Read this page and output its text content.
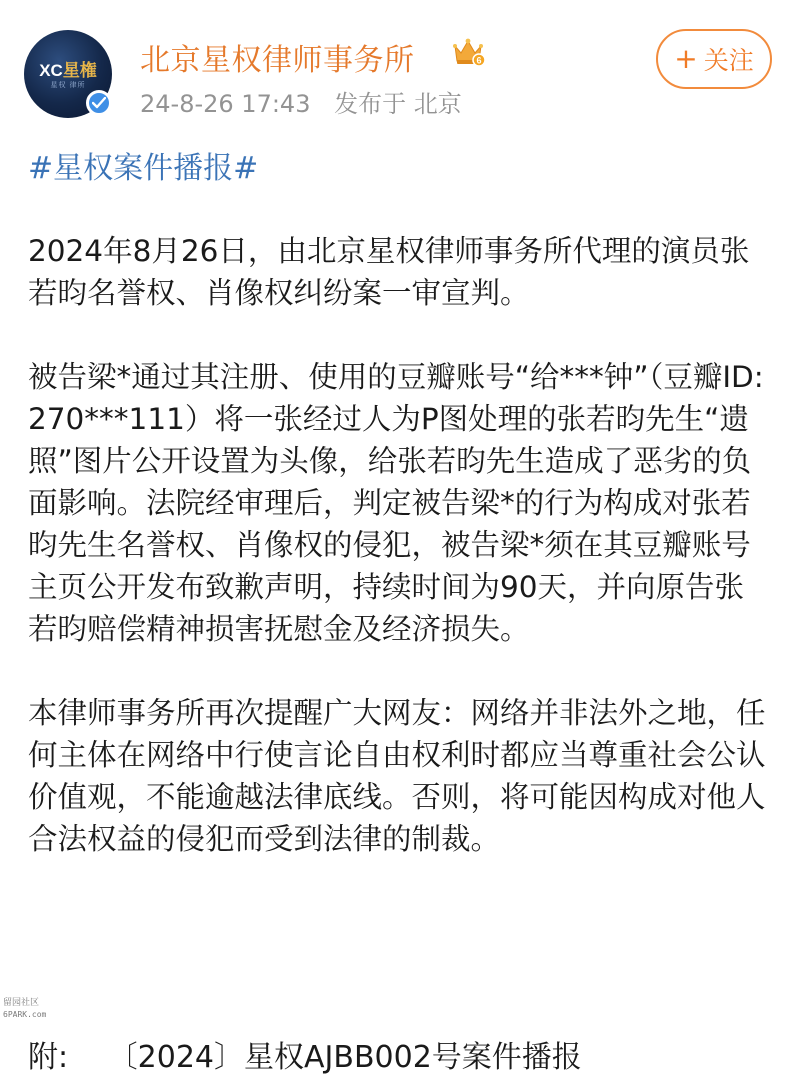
XC星権
星权 律所
北京星权律师事务所	6
24-8-26 17:43 发布于 北京
+ 关注
#星权案件播报#

2024年8月26日，由北京星权律师事务所代理的演员张若昀名誉权、肖像权纠纷案一审宣判。

被告梁*通过其注册、使用的豆瓣账号“给***钟”（豆瓣ID: 270***111）将一张经过人为P图处理的张若昀先生“遗照”图片公开设置为头像，给张若昀先生造成了恶劣的负面影响。法院经审理后，判定被告梁*的行为构成对张若昀先生名誉权、肖像权的侵犯，被告梁*须在其豆瓣账号主页公开发布致歉声明，持续时间为90天，并向原告张若昀赔偿精神损害抚慰金及经济损失。

本律师事务所再次提醒广大网友：网络并非法外之地，任何主体在网络中行使言论自由权利时都应当尊重社会公认价值观，不能逾越法律底线。否则，将可能因构成对他人合法权益的侵犯而受到法律的制裁。

留园社区
6PARK.com
附: 〔2024〕星权AJBB002号案件播报
